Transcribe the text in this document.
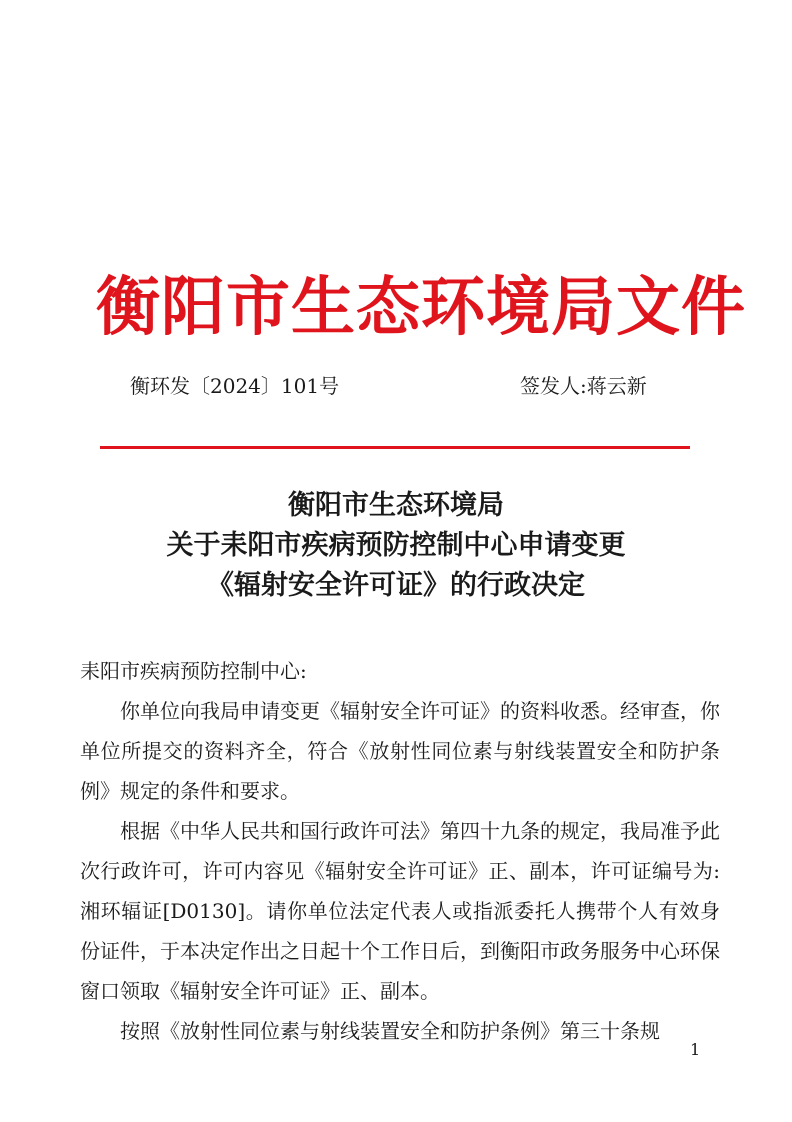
衡阳市生态环境局文件
衡环发〔2024〕101号	签发人:蒋云新
衡阳市生态环境局
关于耒阳市疾病预防控制中心申请变更
《辐射安全许可证》的行政决定

耒阳市疾病预防控制中心:

你单位向我局申请变更《辐射安全许可证》的资料收悉。经审查，你单位所提交的资料齐全，符合《放射性同位素与射线装置安全和防护条例》规定的条件和要求。

根据《中华人民共和国行政许可法》第四十九条的规定，我局准予此次行政许可，许可内容见《辐射安全许可证》正、副本，许可证编号为: 湘环辐证[D0130]。请你单位法定代表人或指派委托人携带个人有效身份证件，于本决定作出之日起十个工作日后，到衡阳市政务服务中心环保窗口领取《辐射安全许可证》正、副本。

按照《放射性同位素与射线装置安全和防护条例》第三十条规

1
